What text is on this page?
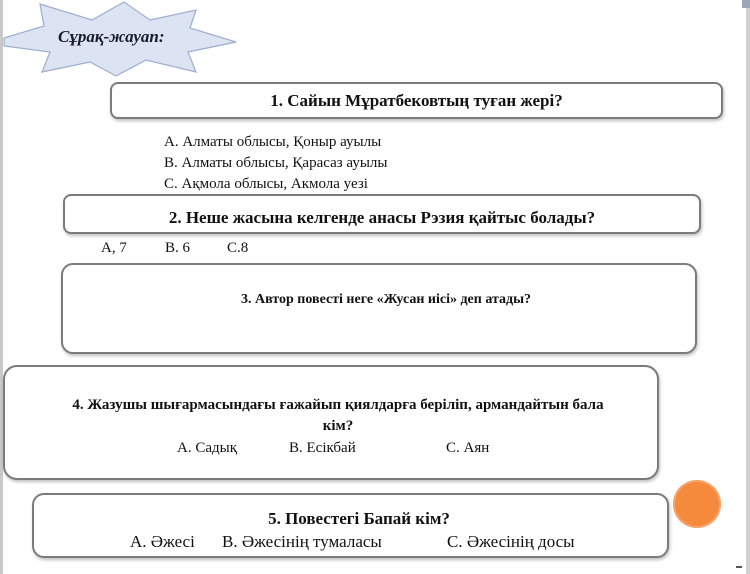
Сұрақ-жауап:
1. Сайын Мұратбековтың туған жері?
A. Алматы облысы, Қоныр ауылы
B. Алматы облысы, Қарасаз ауылы
C. Ақмола облысы, Акмола уезі
2. Неше жасына келгенде анасы Рэзия қайтыс болады?
A, 7	B. 6 C.8
3. Автор повесті неге «Жусан иісі» деп атады?
4. Жазушы шығармасындағы ғажайып қиялдарға беріліп, армандайтын бала
кім?
A. Садық	B. Есікбай	C. Аян
5. Повестегі Бапай кім?
A. Әжесі B. Әжесінің тумаласы	C. Әжесінің досы
